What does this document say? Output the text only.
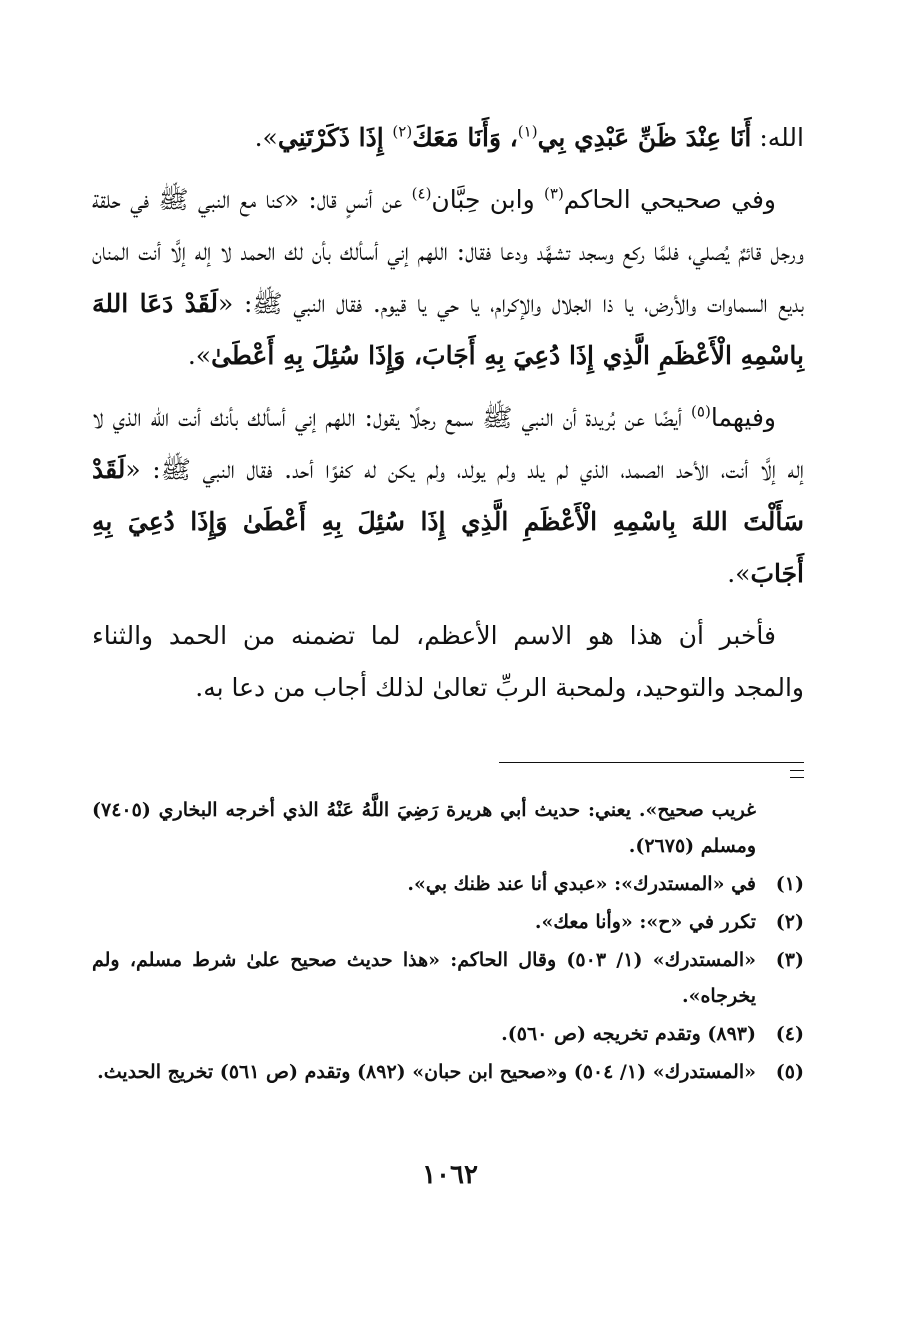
الله: أَنَا عِنْدَ ظَنِّ عَبْدِي بِي$^{(١)}$، وَأَنَا مَعَكَ$^{(٢)}$ إِذَا ذَكَرْتَنِي».

وفي صحيحي الحاكم$^{(٣)}$ وابن حِبَّان$^{(٤)}$ عن أنسٍ قال: «كنا مع النبي ﷺ في حلقة ورجل قائمٌ يُصلي، فلمَّا ركع وسجد تشهَّد ودعا فقال: اللهم إني أسألك بأن لك الحمد لا إله إلَّا أنت المنان بديع السماوات والأرض، يا ذا الجلال والإكرام، يا حي يا قيوم. فقال النبي ﷺ: «لَقَدْ دَعَا اللهَ بِاسْمِهِ الْأَعْظَمِ الَّذِي إِذَا دُعِيَ بِهِ أَجَابَ، وَإِذَا سُئِلَ بِهِ أَعْطَىٰ».

وفيهما$^{(٥)}$ أيضًا عن بُريدة أن النبي ﷺ سمع رجلًا يقول: اللهم إني أسألك بأنك أنت الله الذي لا إله إلَّا أنت، الأحد الصمد، الذي لم يلد ولم يولد، ولم يكن له كفوًا أحد. فقال النبي ﷺ: «لَقَدْ سَأَلْتَ اللهَ بِاسْمِهِ الْأَعْظَمِ الَّذِي إِذَا سُئِلَ بِهِ أَعْطَىٰ وَإِذَا دُعِيَ بِهِ أَجَابَ».

فأخبر أن هذا هو الاسم الأعظم، لما تضمنه من الحمد والثناء والمجد والتوحيد، ولمحبة الربِّ تعالىٰ لذلك أجاب من دعا به.

غريب صحيح». يعني: حديث أبي هريرة رَضِيَ اللَّهُ عَنْهُ الذي أخرجه البخاري (٧٤٠٥) ومسلم (٢٦٧٥).
(١)
في «المستدرك»: «عبدي أنا عند ظنك بي».
(٢)
تكرر في «ح»: «وأنا معك».
(٣)
«المستدرك» (١/ ٥٠٣) وقال الحاكم: «هذا حديث صحيح علىٰ شرط مسلم، ولم يخرجاه».
(٤)
(٨٩٣) وتقدم تخريجه (ص ٥٦٠).
(٥)
«المستدرك» (١/ ٥٠٤) و«صحيح ابن حبان» (٨٩٢) وتقدم (ص ٥٦١) تخريج الحديث.
١٠٦٢
